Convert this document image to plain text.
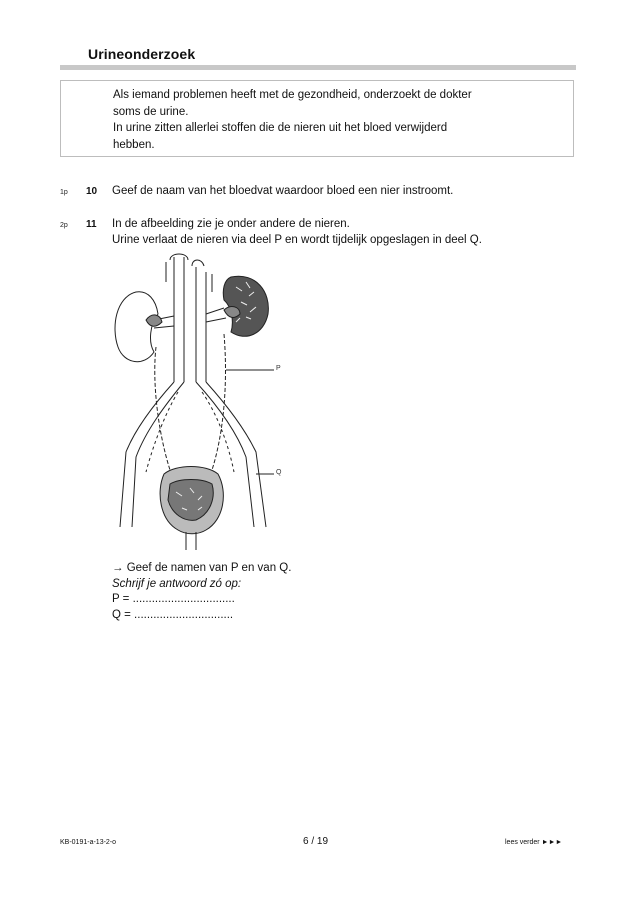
Urineonderzoek

Als iemand problemen heeft met de gezondheid, onderzoekt de dokter

soms de urine.

In urine zitten allerlei stoffen die de nieren uit het bloed verwijderd

hebben.

1p 10 Geef de naam van het bloedvat waardoor bloed een nier instroomt.

2p 11 In de afbeelding zie je onder andere de nieren.

Urine verlaat de nieren via deel P en wordt tijdelijk opgeslagen in deel Q.

P
Q

→ Geef de namen van P en van Q.

Schrijf je antwoord zó op:

P = ................................

Q = ...............................

KB-0191-a-13-2-o	6 / 19	lees verder ►►►
